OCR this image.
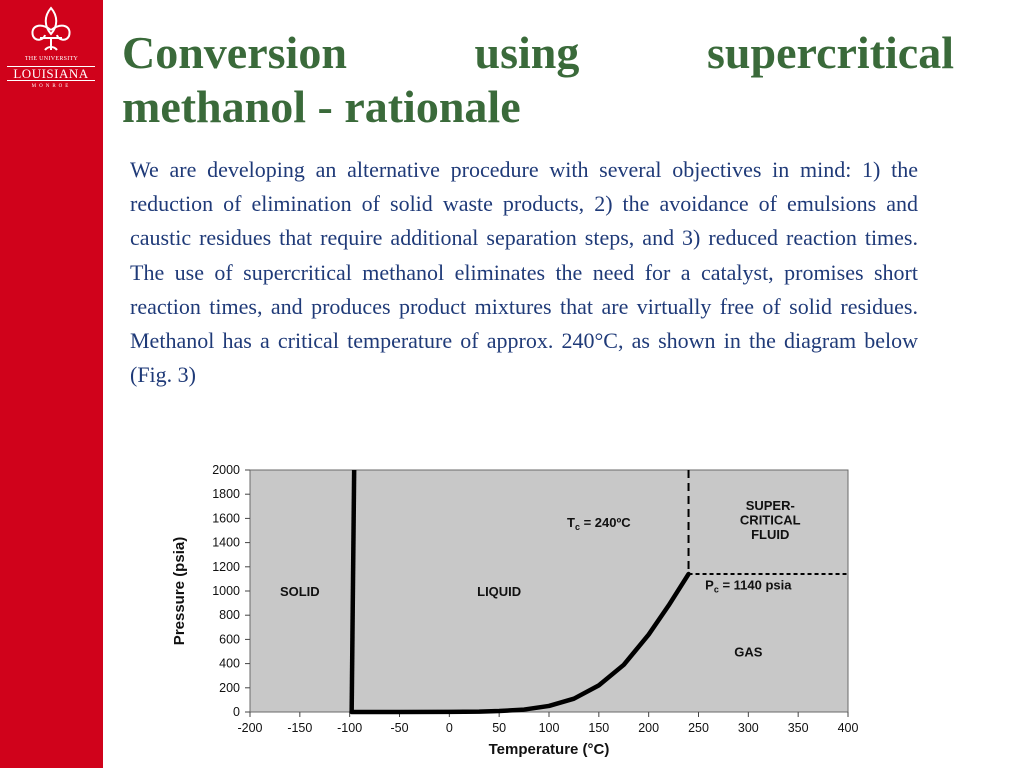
THE UNIVERSITY
LOUISIANA
MONROE
Conversion	using	supercritical
methanol - rationale
We are developing an alternative procedure with several objectives in mind: 1) the reduction of elimination of solid waste products, 2) the avoidance of emulsions and caustic residues that require additional separation steps, and 3) reduced reaction times. The use of supercritical methanol eliminates the need for a catalyst, promises short reaction times, and produces product mixtures that are virtually free of solid residues. Methanol has a critical temperature of approx. 240°C, as shown in the diagram below (Fig. 3)
0
200
400
600
800
1000
1200
1400
1600
1800
2000
-200 -150 -100 -50	0	50	100 150 200 250 300 350 400
SOLID	LIQUID
GAS
SUPER-
CRITICAL
FLUID
$T_c$ = 240ºC
$P_c = 1140$ psia
Temperature (°C)
Pressure (psia)
